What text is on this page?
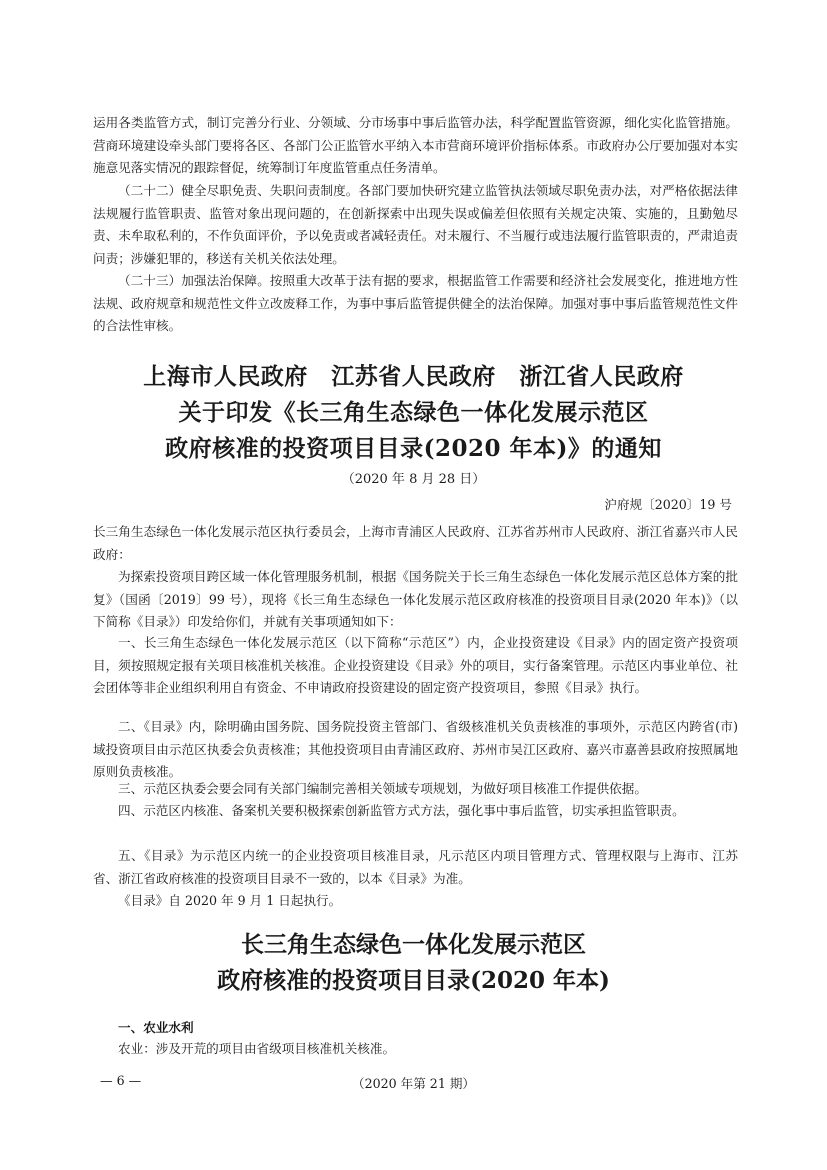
运用各类监管方式，制订完善分行业、分领域、分市场事中事后监管办法，科学配置监管资源，细化实化监管措施。营商环境建设牵头部门要将各区、各部门公正监管水平纳入本市营商环境评价指标体系。市政府办公厅要加强对本实施意见落实情况的跟踪督促，统筹制订年度监管重点任务清单。

（二十二）健全尽职免责、失职问责制度。各部门要加快研究建立监管执法领域尽职免责办法，对严格依据法律法规履行监管职责、监管对象出现问题的，在创新探索中出现失误或偏差但依照有关规定决策、实施的，且勤勉尽责、未牟取私利的，不作负面评价，予以免责或者减轻责任。对未履行、不当履行或违法履行监管职责的，严肃追责问责；涉嫌犯罪的，移送有关机关依法处理。

（二十三）加强法治保障。按照重大改革于法有据的要求，根据监管工作需要和经济社会发展变化，推进地方性法规、政府规章和规范性文件立改废释工作，为事中事后监管提供健全的法治保障。加强对事中事后监管规范性文件的合法性审核。

上海市人民政府　江苏省人民政府　浙江省人民政府
关于印发《长三角生态绿色一体化发展示范区
政府核准的投资项目目录(2020 年本)》的通知
（2020 年 8 月 28 日）
沪府规〔2020〕19 号

长三角生态绿色一体化发展示范区执行委员会，上海市青浦区人民政府、江苏省苏州市人民政府、浙江省嘉兴市人民政府：

为探索投资项目跨区域一体化管理服务机制，根据《国务院关于长三角生态绿色一体化发展示范区总体方案的批复》（国函〔2019〕99 号），现将《长三角生态绿色一体化发展示范区政府核准的投资项目目录(2020 年本)》（以下简称《目录》）印发给你们，并就有关事项通知如下：

一、长三角生态绿色一体化发展示范区（以下简称“示范区”）内，企业投资建设《目录》内的固定资产投资项目，须按照规定报有关项目核准机关核准。企业投资建设《目录》外的项目，实行备案管理。示范区内事业单位、社会团体等非企业组织利用自有资金、不申请政府投资建设的固定资产投资项目，参照《目录》执行。

二、《目录》内，除明确由国务院、国务院投资主管部门、省级核准机关负责核准的事项外，示范区内跨省(市)域投资项目由示范区执委会负责核准；其他投资项目由青浦区政府、苏州市吴江区政府、嘉兴市嘉善县政府按照属地原则负责核准。

三、示范区执委会要会同有关部门编制完善相关领域专项规划，为做好项目核准工作提供依据。

四、示范区内核准、备案机关要积极探索创新监管方式方法，强化事中事后监管，切实承担监管职责。

五、《目录》为示范区内统一的企业投资项目核准目录，凡示范区内项目管理方式、管理权限与上海市、江苏省、浙江省政府核准的投资项目目录不一致的，以本《目录》为准。

《目录》自 2020 年 9 月 1 日起执行。

长三角生态绿色一体化发展示范区
政府核准的投资项目目录(2020 年本)
一、农业水利

农业：涉及开荒的项目由省级项目核准机关核准。

— 6 —	（2020 年第 21 期）
